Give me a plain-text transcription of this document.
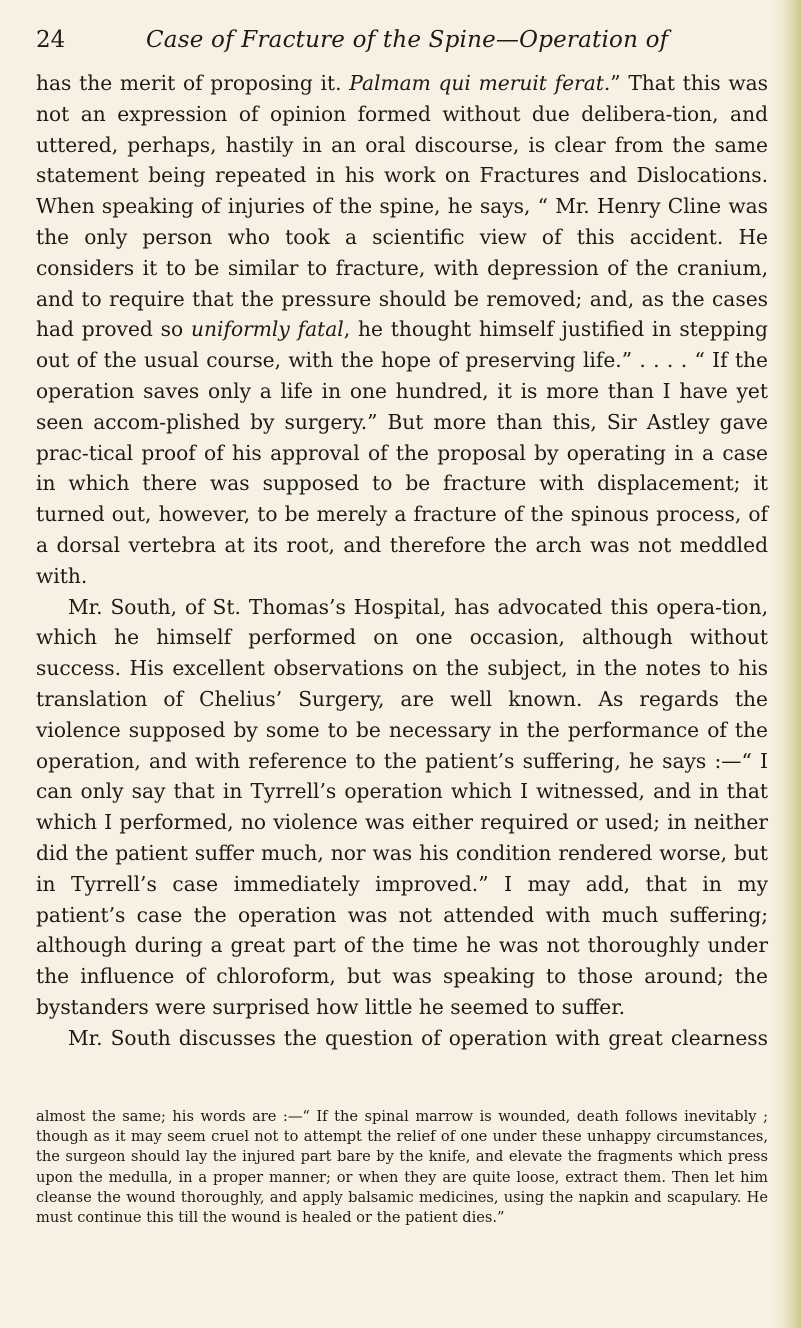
24	Case of Fracture of the Spine—Operation of

has the merit of proposing it. Palmam qui meruit ferat.” That this was not an expression of opinion formed without due delibera-tion, and uttered, perhaps, hastily in an oral discourse, is clear from the same statement being repeated in his work on Fractures and Dislocations. When speaking of injuries of the spine, he says, “ Mr. Henry Cline was the only person who took a scientific view of this accident. He considers it to be similar to fracture, with depression of the cranium, and to require that the pressure should be removed; and, as the cases had proved so uniformly fatal, he thought himself justified in stepping out of the usual course, with the hope of preserving life.” . . . . “ If the operation saves only a life in one hundred, it is more than I have yet seen accom-plished by surgery.” But more than this, Sir Astley gave prac-tical proof of his approval of the proposal by operating in a case in which there was supposed to be fracture with displacement; it turned out, however, to be merely a fracture of the spinous process, of a dorsal vertebra at its root, and therefore the arch was not meddled with.

Mr. South, of St. Thomas’s Hospital, has advocated this opera-tion, which he himself performed on one occasion, although without success. His excellent observations on the subject, in the notes to his translation of Chelius’ Surgery, are well known. As regards the violence supposed by some to be necessary in the performance of the operation, and with reference to the patient’s suffering, he says :—“ I can only say that in Tyrrell’s operation which I witnessed, and in that which I performed, no violence was either required or used; in neither did the patient suffer much, nor was his condition rendered worse, but in Tyrrell’s case immediately improved.” I may add, that in my patient’s case the operation was not attended with much suffering; although during a great part of the time he was not thoroughly under the influence of chloroform, but was speaking to those around; the bystanders were surprised how little he seemed to suffer.

Mr. South discusses the question of operation with great clearness

almost the same; his words are :—“ If the spinal marrow is wounded, death follows inevitably ; though as it may seem cruel not to attempt the relief of one under these unhappy circumstances, the surgeon should lay the injured part bare by the knife, and elevate the fragments which press upon the medulla, in a proper manner; or when they are quite loose, extract them. Then let him cleanse the wound thoroughly, and apply balsamic medicines, using the napkin and scapulary. He must continue this till the wound is healed or the patient dies.”
